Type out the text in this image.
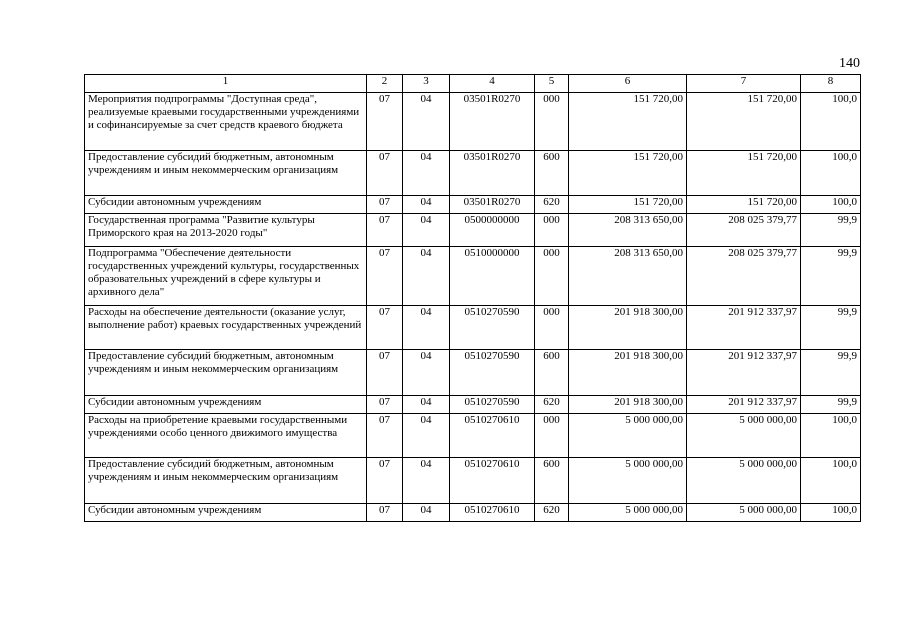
140
1	2	3	4	5	6	7	8
Мероприятия подпрограммы "Доступная среда", реализуемые краевыми государственными учреждениями и софинансируемые за счет средств краевого бюджета	07	04	03501R0270	000	151 720,00	151 720,00	100,0
Предоставление субсидий бюджетным, автономным учреждениям и иным некоммерческим организациям	07	04	03501R0270	600	151 720,00	151 720,00	100,0
Субсидии автономным учреждениям	07	04	03501R0270	620	151 720,00	151 720,00	100,0
Государственная программа "Развитие культуры Приморского края на 2013-2020 годы"	07	04	0500000000	000	208 313 650,00	208 025 379,77	99,9
Подпрограмма "Обеспечение деятельности государственных учреждений культуры, государственных образовательных учреждений в сфере культуры и архивного дела"	07	04	0510000000	000	208 313 650,00	208 025 379,77	99,9
Расходы на обеспечение деятельности (оказание услуг, выполнение работ) краевых государственных учреждений	07	04	0510270590	000	201 918 300,00	201 912 337,97	99,9
Предоставление субсидий бюджетным, автономным учреждениям и иным некоммерческим организациям	07	04	0510270590	600	201 918 300,00	201 912 337,97	99,9
Субсидии автономным учреждениям	07	04	0510270590	620	201 918 300,00	201 912 337,97	99,9
Расходы на приобретение краевыми государственными учреждениями особо ценного движимого имущества	07	04	0510270610	000	5 000 000,00	5 000 000,00	100,0
Предоставление субсидий бюджетным, автономным учреждениям и иным некоммерческим организациям	07	04	0510270610	600	5 000 000,00	5 000 000,00	100,0
Субсидии автономным учреждениям	07	04	0510270610	620	5 000 000,00	5 000 000,00	100,0
